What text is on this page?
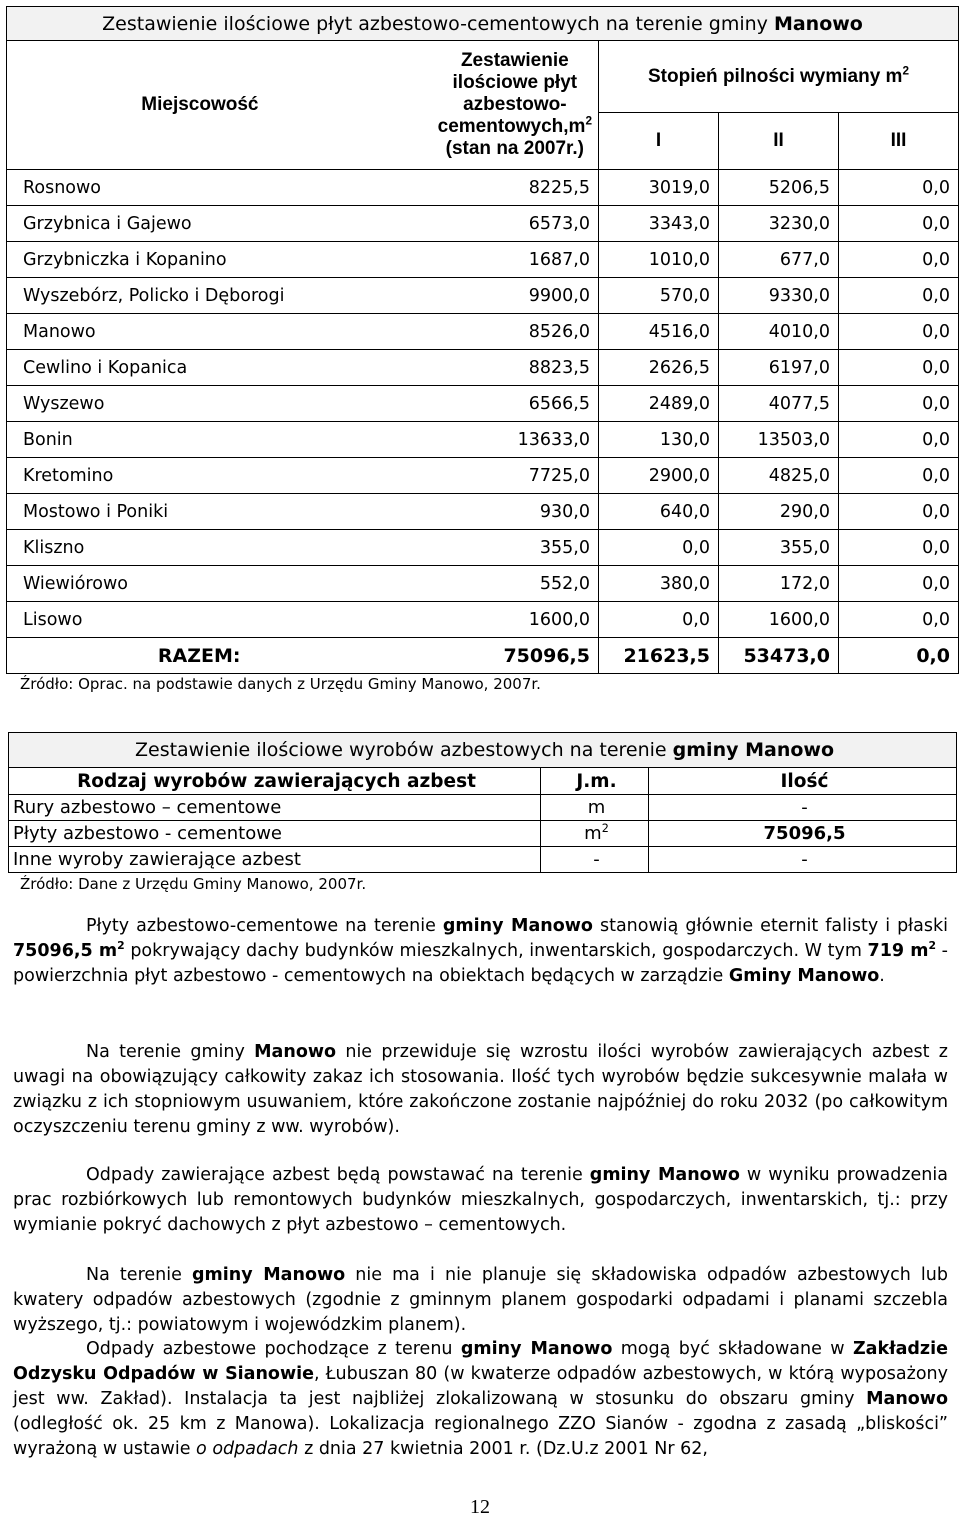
Zestawienie ilościowe płyt azbestowo-cementowych na terenie gminy Manowo				
Miejscowość	Zestawienie
ilościowe płyt
azbestowo-
$cementowych,m^2$
(stan na 2007r.)	Stopień pilności wymiany $m^2$
		I	II	III
Rosnowo	8225,5	3019,0	5206,5	0,0
Grzybnica i Gajewo	6573,0	3343,0	3230,0	0,0
Grzybniczka i Kopanino	1687,0	1010,0	677,0	0,0
Wyszebórz, Policko i Dęborogi	9900,0	570,0	9330,0	0,0
Manowo	8526,0	4516,0	4010,0	0,0
Cewlino i Kopanica	8823,5	2626,5	6197,0	0,0
Wyszewo	6566,5	2489,0	4077,5	0,0
Bonin	13633,0	130,0	13503,0	0,0
Kretomino	7725,0	2900,0	4825,0	0,0
Mostowo i Poniki	930,0	640,0	290,0	0,0
Kliszno	355,0	0,0	355,0	0,0
Wiewiórowo	552,0	380,0	172,0	0,0
Lisowo	1600,0	0,0	1600,0	0,0
RAZEM:	75096,5	21623,5	53473,0	0,0
Źródło: Oprac. na podstawie danych z Urzędu Gminy Manowo, 2007r.
Zestawienie ilościowe wyrobów azbestowych na terenie gminy Manowo		
Rodzaj wyrobów zawierających azbest	J.m.	Ilość
Rury azbestowo – cementowe	m	-
Płyty azbestowo - cementowe	$m^2$	75096,5
Inne wyroby zawierające azbest	-	-
Źródło: Dane z Urzędu Gminy Manowo, 2007r.

Płyty azbestowo-cementowe na terenie gminy Manowo stanowią głównie eternit falisty i płaski 75096,5 $m^2$ pokrywający dachy budynków mieszkalnych, inwentarskich, gospodarczych. W tym 719 $m^2$ - powierzchnia płyt azbestowo - cementowych na obiektach będących w zarządzie Gminy Manowo.

Na terenie gminy Manowo nie przewiduje się wzrostu ilości wyrobów zawierających azbest z uwagi na obowiązujący całkowity zakaz ich stosowania. Ilość tych wyrobów będzie sukcesywnie malała w związku z ich stopniowym usuwaniem, które zakończone zostanie najpóźniej do roku 2032 (po całkowitym oczyszczeniu terenu gminy z ww. wyrobów).

Odpady zawierające azbest będą powstawać na terenie gminy Manowo w wyniku prowadzenia prac rozbiórkowych lub remontowych budynków mieszkalnych, gospodarczych, inwentarskich, tj.: przy wymianie pokryć dachowych z płyt azbestowo – cementowych.

Na terenie gminy Manowo nie ma i nie planuje się składowiska odpadów azbestowych lub kwatery odpadów azbestowych (zgodnie z gminnym planem gospodarki odpadami i planami szczebla wyższego, tj.: powiatowym i wojewódzkim planem).

Odpady azbestowe pochodzące z terenu gminy Manowo mogą być składowane w Zakładzie Odzysku Odpadów w Sianowie, Łubuszan 80 (w kwaterze odpadów azbestowych, w którą wyposażony jest ww. Zakład). Instalacja ta jest najbliżej zlokalizowaną w stosunku do obszaru gminy Manowo (odległość ok. 25 km z Manowa). Lokalizacja regionalnego ZZO Sianów - zgodna z zasadą „bliskości” wyrażoną w ustawie o odpadach z dnia 27 kwietnia 2001 r. (Dz.U.z 2001 Nr 62,

12
